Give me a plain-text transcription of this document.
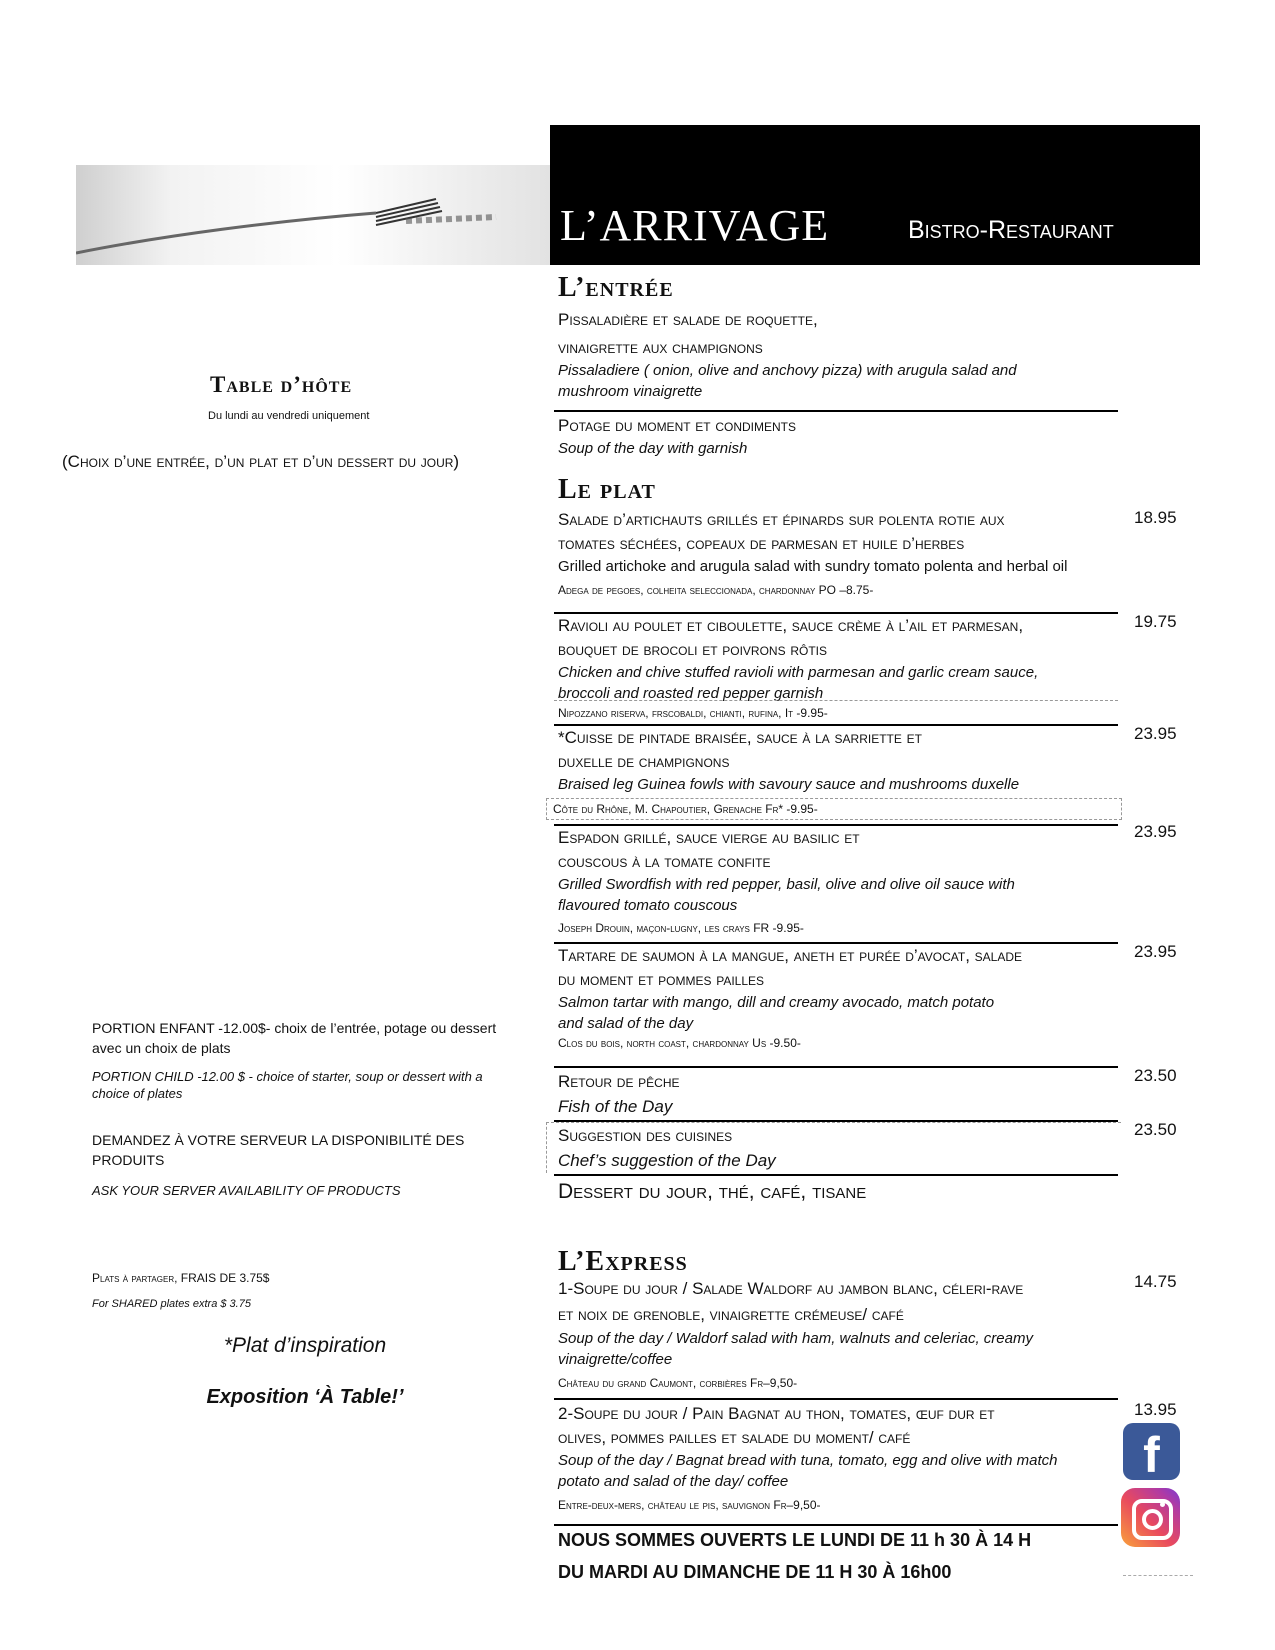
L’ARRIVAGE	Bistro-Restaurant
Table d’hôte
Du lundi au vendredi uniquement
(Choix d’une entrée, d’un plat et d’un dessert du jour)
PORTION ENFANT -12.00$- choix de l’entrée, potage ou dessert avec un choix de plats
PORTION CHILD -12.00 $ - choice of starter, soup or dessert with a choice of plates
DEMANDEZ À VOTRE SERVEUR LA DISPONIBILITÉ DES PRODUITS
ASK YOUR SERVER AVAILABILITY OF PRODUCTS
Plats à partager, FRAIS DE 3.75$
For SHARED plates extra $ 3.75
*Plat d’inspiration
Exposition ‘À Table!’
L’entrée
Pissaladière et salade de roquette,
vinaigrette aux champignons
Pissaladiere ( onion, olive and anchovy pizza) with arugula salad and
mushroom vinaigrette
Potage du moment et condiments
Soup of the day with garnish
Le plat
Salade d’artichauts grillés et épinards sur polenta rotie aux
tomates séchées, copeaux de parmesan et huile d’herbes
Grilled artichoke and arugula salad with sundry tomato polenta and herbal oil
Adega de pegoes, colheita seleccionada, chardonnay PO –8.75-
18.95
Ravioli au poulet et ciboulette, sauce crème à l’ail et parmesan,
bouquet de brocoli et poivrons rôtis
Chicken and chive stuffed ravioli with parmesan and garlic cream sauce,
broccoli and roasted red pepper garnish
Nipozzano riserva, frscobaldi, chianti, rufina, It -9.95-
19.75
*Cuisse de pintade braisée, sauce à la sarriette et
duxelle de champignons
Braised leg Guinea fowls with savoury sauce and mushrooms duxelle
23.95
Côte du Rhône, M. Chapoutier, Grenache Fr* -9.95-
Espadon grillé, sauce vierge au basilic et
couscous à la tomate confite
Grilled Swordfish with red pepper, basil, olive and olive oil sauce with
flavoured tomato couscous
Joseph Drouin, maçon-lugny, les crays FR -9.95-
23.95
Tartare de saumon à la mangue, aneth et purée d’avocat, salade
du moment et pommes pailles
Salmon tartar with mango, dill and creamy avocado, match potato
and salad of the day
Clos du bois, north coast, chardonnay Us -9.50-
23.95
Retour de pêche
Fish of the Day
23.50
Suggestion des cuisines
Chef’s suggestion of the Day
23.50
Dessert du jour, thé, café, tisane
L’Express
1-Soupe du jour / Salade Waldorf au jambon blanc, céleri-rave
et noix de grenoble, vinaigrette crémeuse/ café
Soup of the day / Waldorf salad with ham, walnuts and celeriac, creamy
vinaigrette/coffee
Château du grand Caumont, corbières Fr–9,50-
14.75
2-Soupe du jour / Pain Bagnat au thon, tomates, œuf dur et
olives, pommes pailles et salade du moment/ café
Soup of the day / Bagnat bread with tuna, tomato, egg and olive with match
potato and salad of the day/ coffee
Entre-deux-mers, château le pis, sauvignon Fr–9,50-
13.95
NOUS SOMMES OUVERTS LE LUNDI DE 11 h 30 À 14 H
DU MARDI AU DIMANCHE DE 11 H 30 À 16h00
f
